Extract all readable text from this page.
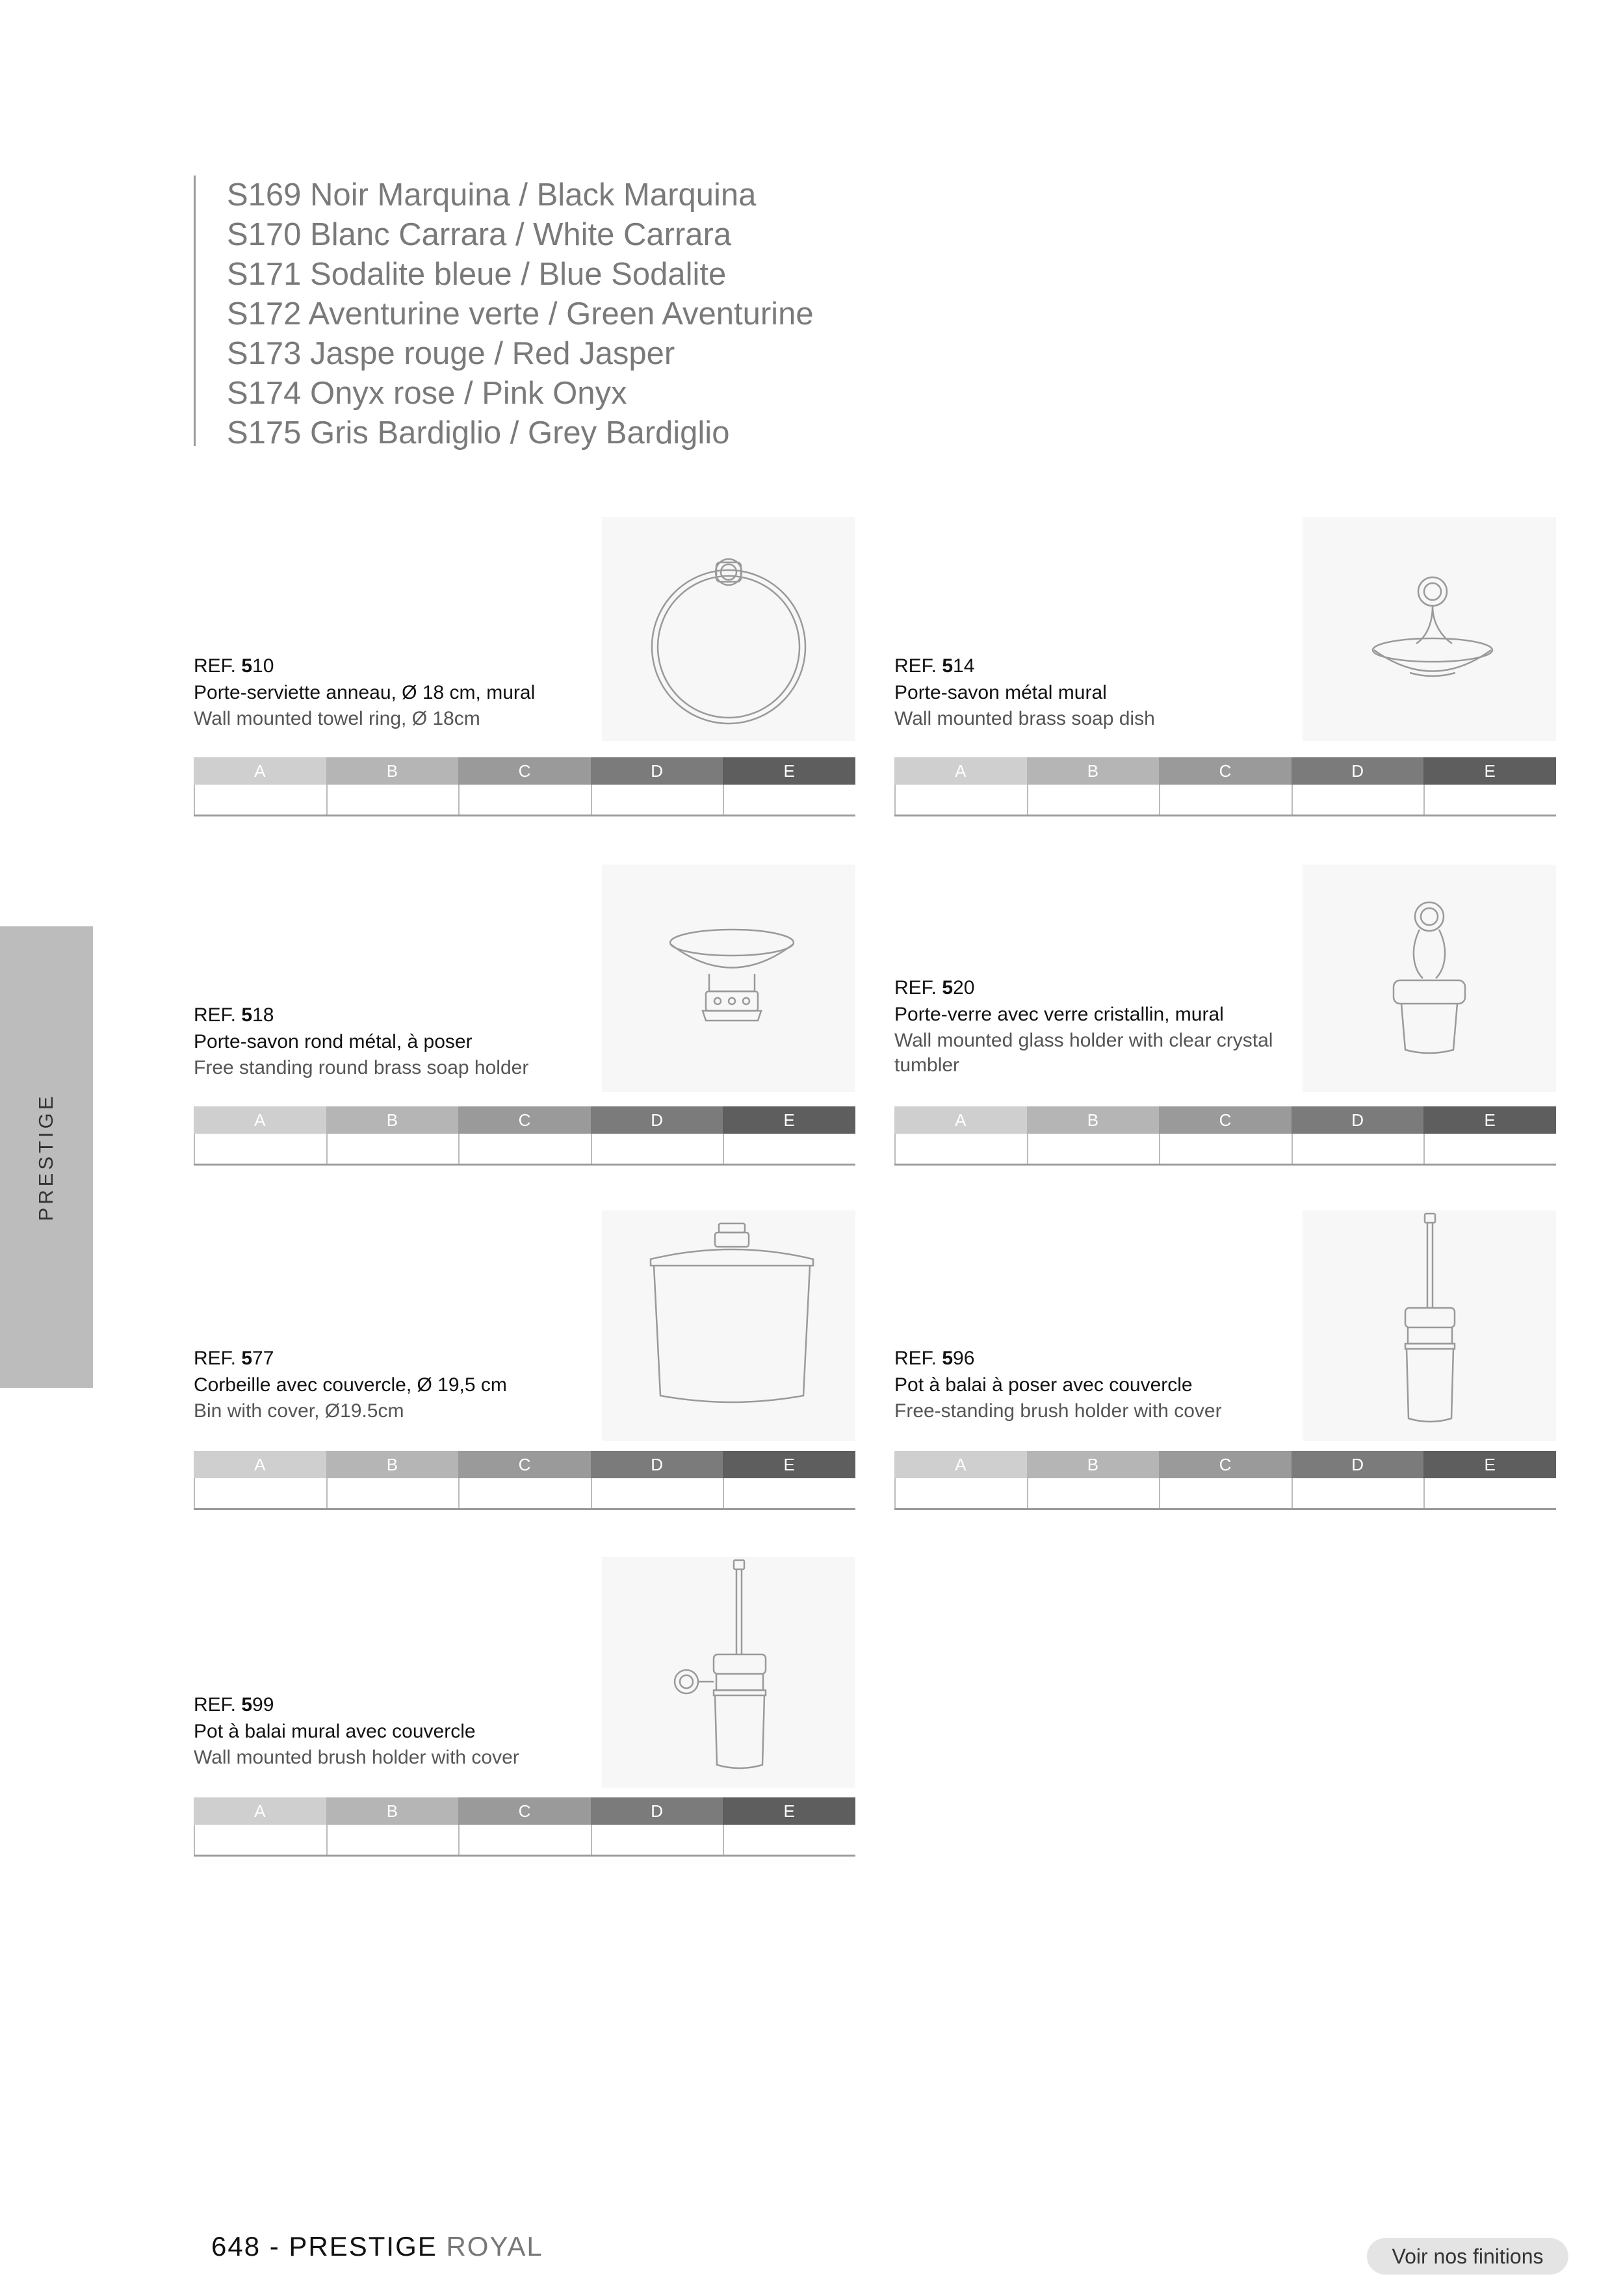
S169 Noir Marquina / Black Marquina
S170 Blanc Carrara / White Carrara
S171 Sodalite bleue / Blue Sodalite
S172 Aventurine verte / Green Aventurine
S173 Jaspe rouge / Red Jasper
S174 Onyx rose / Pink Onyx
S175 Gris Bardiglio / Grey Bardiglio
PRESTIGE
REF. 510
Porte-serviette anneau, Ø 18 cm, mural
Wall mounted towel ring, Ø 18cm
A	B	C	D	E
REF. 514
Porte-savon métal mural
Wall mounted brass soap dish
A	B	C	D	E
REF. 518
Porte-savon rond métal, à poser
Free standing round brass soap holder
A	B	C	D	E
REF. 520
Porte-verre avec verre cristallin, mural
Wall mounted glass holder with clear crystal tumbler
A	B	C	D	E
REF. 577
Corbeille avec couvercle, Ø 19,5 cm
Bin with cover, Ø19.5cm
A	B	C	D	E
REF. 596
Pot à balai à poser avec couvercle
Free-standing brush holder with cover
A	B	C	D	E
REF. 599
Pot à balai mural avec couvercle
Wall mounted brush holder with cover
A	B	C	D	E
648 - PRESTIGE ROYAL	Voir nos finitions
